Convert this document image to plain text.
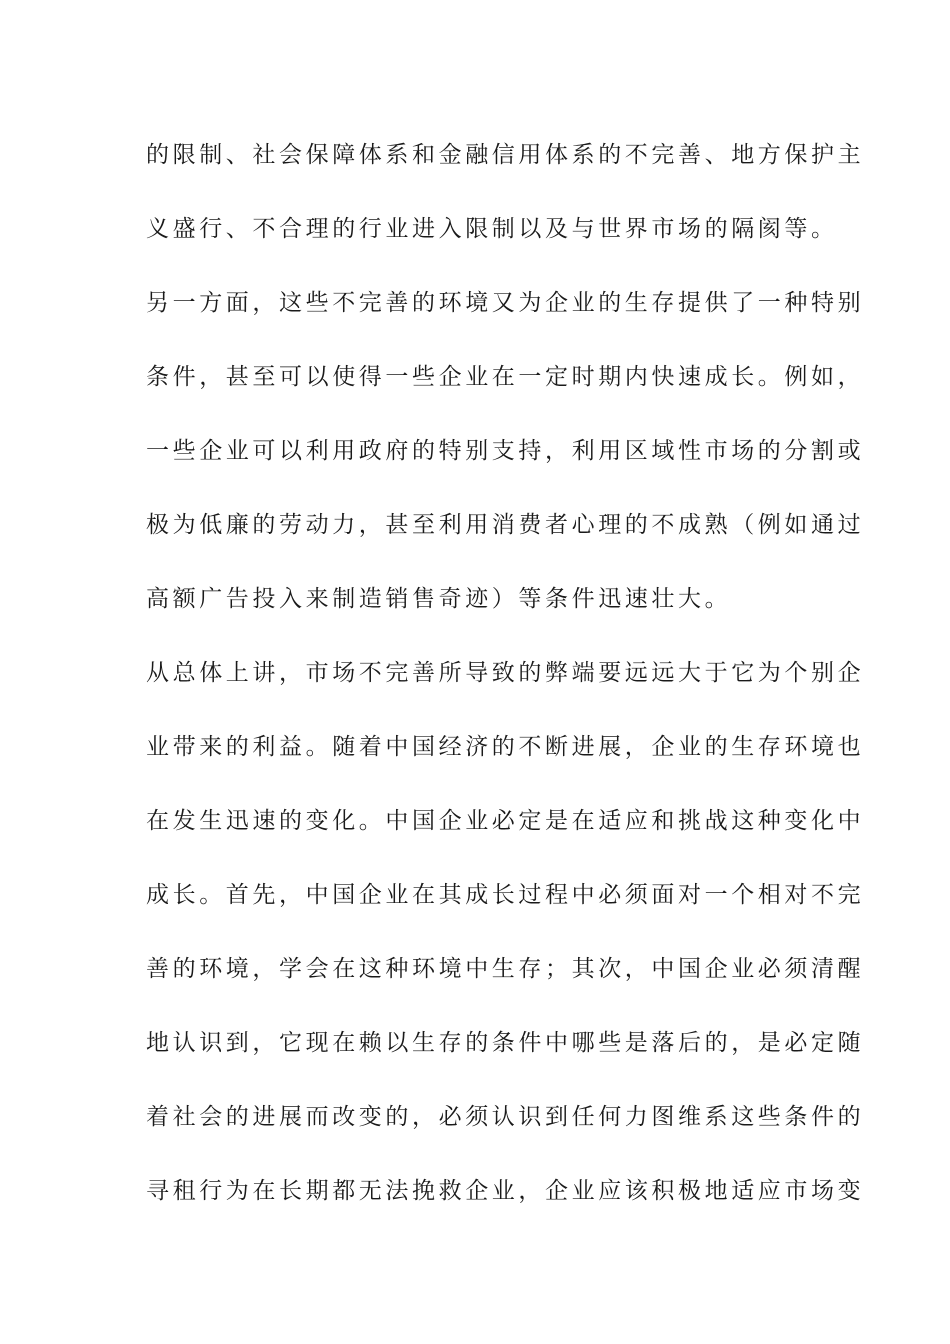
的限制、社会保障体系和金融信用体系的不完善、地方保护主
义盛行、不合理的行业进入限制以及与世界市场的隔阂等。
另一方面，这些不完善的环境又为企业的生存提供了一种特别
条件，甚至可以使得一些企业在一定时期内快速成长。例如，
一些企业可以利用政府的特别支持，利用区域性市场的分割或
极为低廉的劳动力，甚至利用消费者心理的不成熟（例如通过
高额广告投入来制造销售奇迹）等条件迅速壮大。
从总体上讲，市场不完善所导致的弊端要远远大于它为个别企
业带来的利益。随着中国经济的不断进展，企业的生存环境也
在发生迅速的变化。中国企业必定是在适应和挑战这种变化中
成长。首先，中国企业在其成长过程中必须面对一个相对不完
善的环境，学会在这种环境中生存；其次，中国企业必须清醒
地认识到，它现在赖以生存的条件中哪些是落后的，是必定随
着社会的进展而改变的，必须认识到任何力图维系这些条件的
寻租行为在长期都无法挽救企业，企业应该积极地适应市场变
